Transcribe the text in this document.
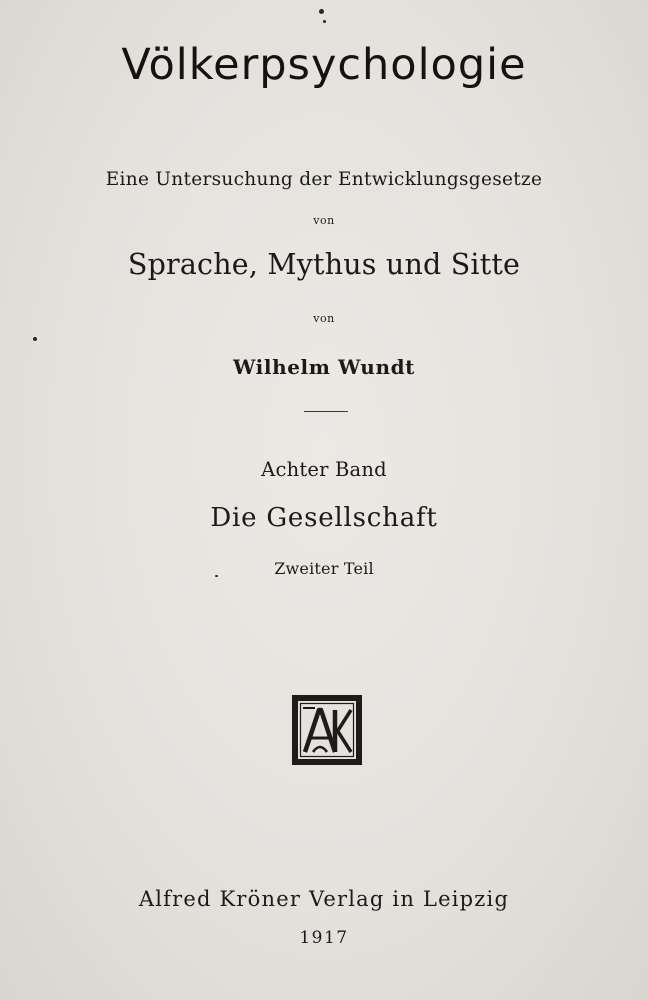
Völkerpsychologie
Eine Untersuchung der Entwicklungsgesetze
von
Sprache, Mythus und Sitte
von
Wilhelm Wundt
Achter Band
Die Gesellschaft
Zweiter Teil
Alfred Kröner Verlag in Leipzig
1917
